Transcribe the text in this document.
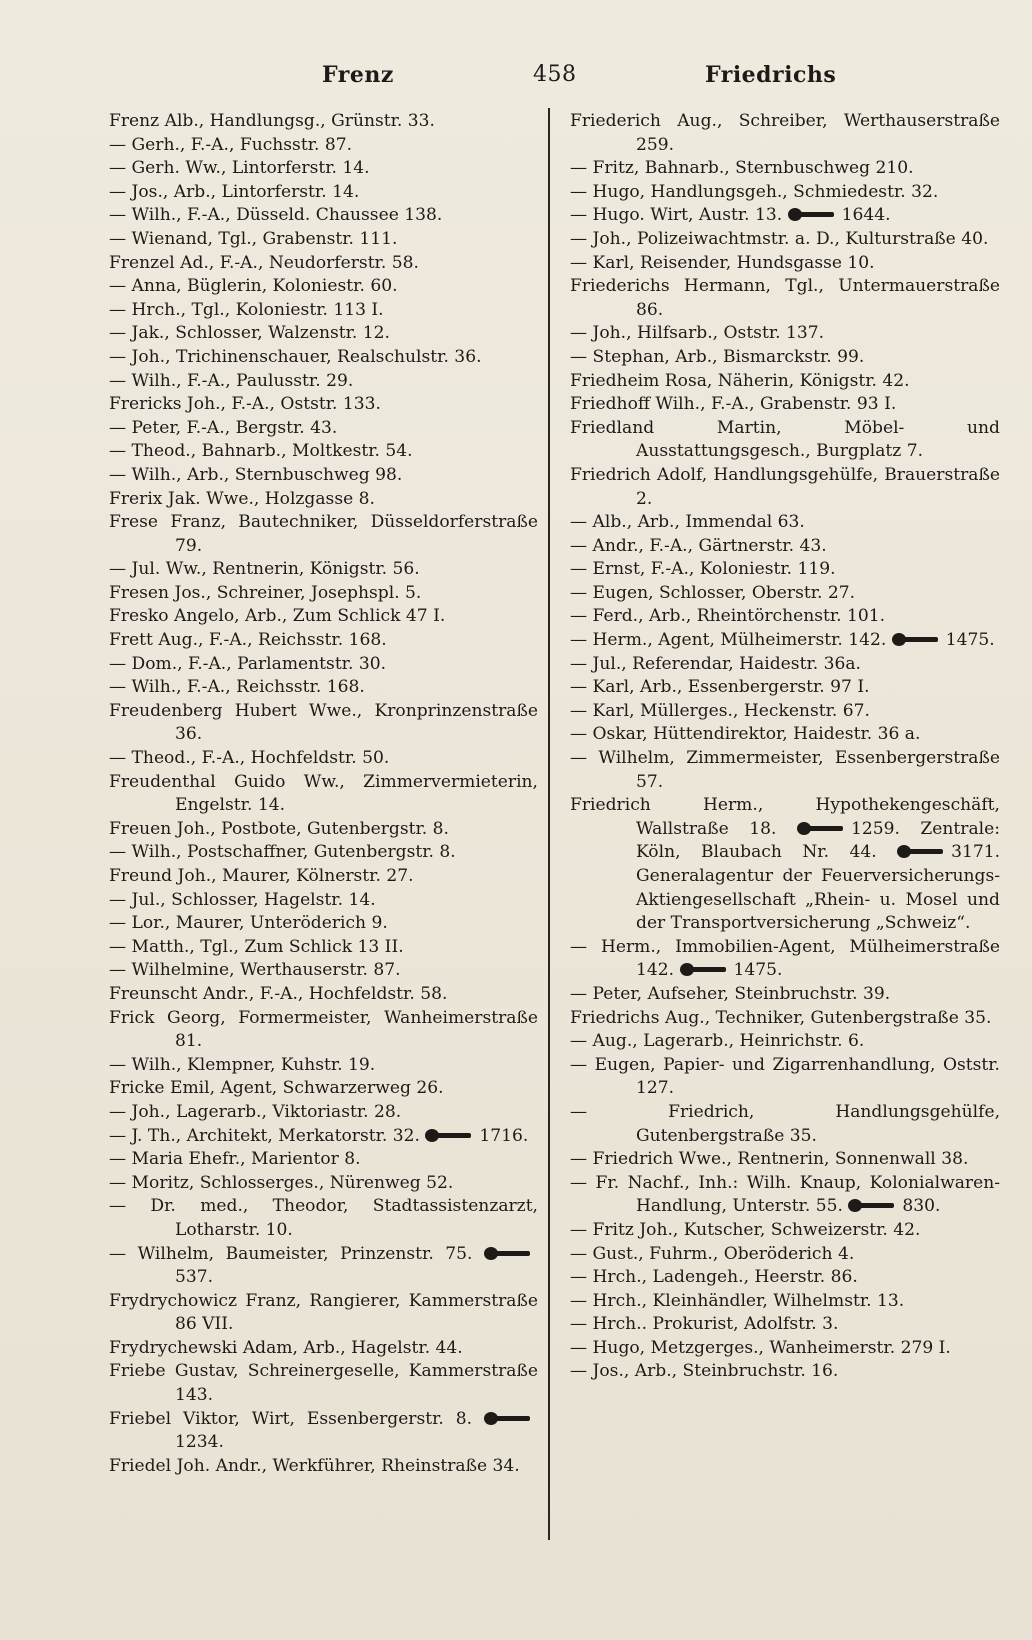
Frenz	458	Friedrichs

Frenz Alb., Handlungsg., Grünstr. 33.

— Gerh., F.-A., Fuchsstr. 87.

— Gerh. Ww., Lintorferstr. 14.

— Jos., Arb., Lintorferstr. 14.

— Wilh., F.-A., Düsseld. Chaussee 138.

— Wienand, Tgl., Grabenstr. 111.

Frenzel Ad., F.-A., Neudorferstr. 58.

— Anna, Büglerin, Koloniestr. 60.

— Hrch., Tgl., Koloniestr. 113 I.

— Jak., Schlosser, Walzenstr. 12.

— Joh., Trichinenschauer, Realschulstr. 36.

— Wilh., F.-A., Paulusstr. 29.

Frericks Joh., F.-A., Oststr. 133.

— Peter, F.-A., Bergstr. 43.

— Theod., Bahnarb., Moltkestr. 54.

— Wilh., Arb., Sternbuschweg 98.

Frerix Jak. Wwe., Holzgasse 8.

Frese Franz, Bautechniker, Düsseldorferstraße 79.

— Jul. Ww., Rentnerin, Königstr. 56.

Fresen Jos., Schreiner, Josephspl. 5.

Fresko Angelo, Arb., Zum Schlick 47 I.

Frett Aug., F.-A., Reichsstr. 168.

— Dom., F.-A., Parlamentstr. 30.

— Wilh., F.-A., Reichsstr. 168.

Freudenberg Hubert Wwe., Kronprinzenstraße 36.

— Theod., F.-A., Hochfeldstr. 50.

Freudenthal Guido Ww., Zimmervermieterin, Engelstr. 14.

Freuen Joh., Postbote, Gutenbergstr. 8.

— Wilh., Postschaffner, Gutenbergstr. 8.

Freund Joh., Maurer, Kölnerstr. 27.

— Jul., Schlosser, Hagelstr. 14.

— Lor., Maurer, Unteröderich 9.

— Matth., Tgl., Zum Schlick 13 II.

— Wilhelmine, Werthauserstr. 87.

Freunscht Andr., F.-A., Hochfeldstr. 58.

Frick Georg, Formermeister, Wanheimerstraße 81.

— Wilh., Klempner, Kuhstr. 19.

Fricke Emil, Agent, Schwarzerweg 26.

— Joh., Lagerarb., Viktoriastr. 28.

— J. Th., Architekt, Merkatorstr. 32.	1716.

— Maria Ehefr., Marientor 8.

— Moritz, Schlosserges., Nürenweg 52.

— Dr. med., Theodor, Stadtassistenzarzt, Lotharstr. 10.

— Wilhelm, Baumeister, Prinzenstr. 75. 537.

Frydrychowicz Franz, Rangierer, Kammerstraße 86 VII.

Frydrychewski Adam, Arb., Hagelstr. 44.

Friebe Gustav, Schreinergeselle, Kammerstraße 143.

Friebel Viktor, Wirt, Essenbergerstr. 8. 1234.

Friedel Joh. Andr., Werkführer, Rheinstraße 34.

Friederich Aug., Schreiber, Werthauserstraße 259.

— Fritz, Bahnarb., Sternbuschweg 210.

— Hugo, Handlungsgeh., Schmiedestr. 32.

— Hugo. Wirt, Austr. 13.	1644.

— Joh., Polizeiwachtmstr. a. D., Kulturstraße 40.

— Karl, Reisender, Hundsgasse 10.

Friederichs Hermann, Tgl., Untermauerstraße 86.

— Joh., Hilfsarb., Oststr. 137.

— Stephan, Arb., Bismarckstr. 99.

Friedheim Rosa, Näherin, Königstr. 42.

Friedhoff Wilh., F.-A., Grabenstr. 93 I.

Friedland Martin, Möbel- und Ausstattungsgesch., Burgplatz 7.

Friedrich Adolf, Handlungsgehülfe, Brauerstraße 2.

— Alb., Arb., Immendal 63.

— Andr., F.-A., Gärtnerstr. 43.

— Ernst, F.-A., Koloniestr. 119.

— Eugen, Schlosser, Oberstr. 27.

— Ferd., Arb., Rheintörchenstr. 101.

— Herm., Agent, Mülheimerstr. 142.	1475.

— Jul., Referendar, Haidestr. 36a.

— Karl, Arb., Essenbergerstr. 97 I.

— Karl, Müllerges., Heckenstr. 67.

— Oskar, Hüttendirektor, Haidestr. 36 a.

— Wilhelm, Zimmermeister, Essenbergerstraße 57.

Friedrich Herm., Hypothekengeschäft, Wallstraße 18.	1259. Zentrale: Köln, Blaubach Nr. 44.	3171. Generalagentur der Feuerversicherungs-Aktiengesellschaft „Rhein- u. Mosel und der Transportversicherung „Schweiz“.

— Herm., Immobilien-Agent, Mülheimerstraße 142.	1475.

— Peter, Aufseher, Steinbruchstr. 39.

Friedrichs Aug., Techniker, Gutenbergstraße 35.

— Aug., Lagerarb., Heinrichstr. 6.

— Eugen, Papier- und Zigarrenhandlung, Oststr. 127.

— Friedrich, Handlungsgehülfe, Gutenbergstraße 35.

— Friedrich Wwe., Rentnerin, Sonnenwall 38.

— Fr. Nachf., Inh.: Wilh. Knaup, Kolonialwaren-Handlung, Unterstr. 55.	830.

— Fritz Joh., Kutscher, Schweizerstr. 42.

— Gust., Fuhrm., Oberöderich 4.

— Hrch., Ladengeh., Heerstr. 86.

— Hrch., Kleinhändler, Wilhelmstr. 13.

— Hrch.. Prokurist, Adolfstr. 3.

— Hugo, Metzgerges., Wanheimerstr. 279 I.

— Jos., Arb., Steinbruchstr. 16.
